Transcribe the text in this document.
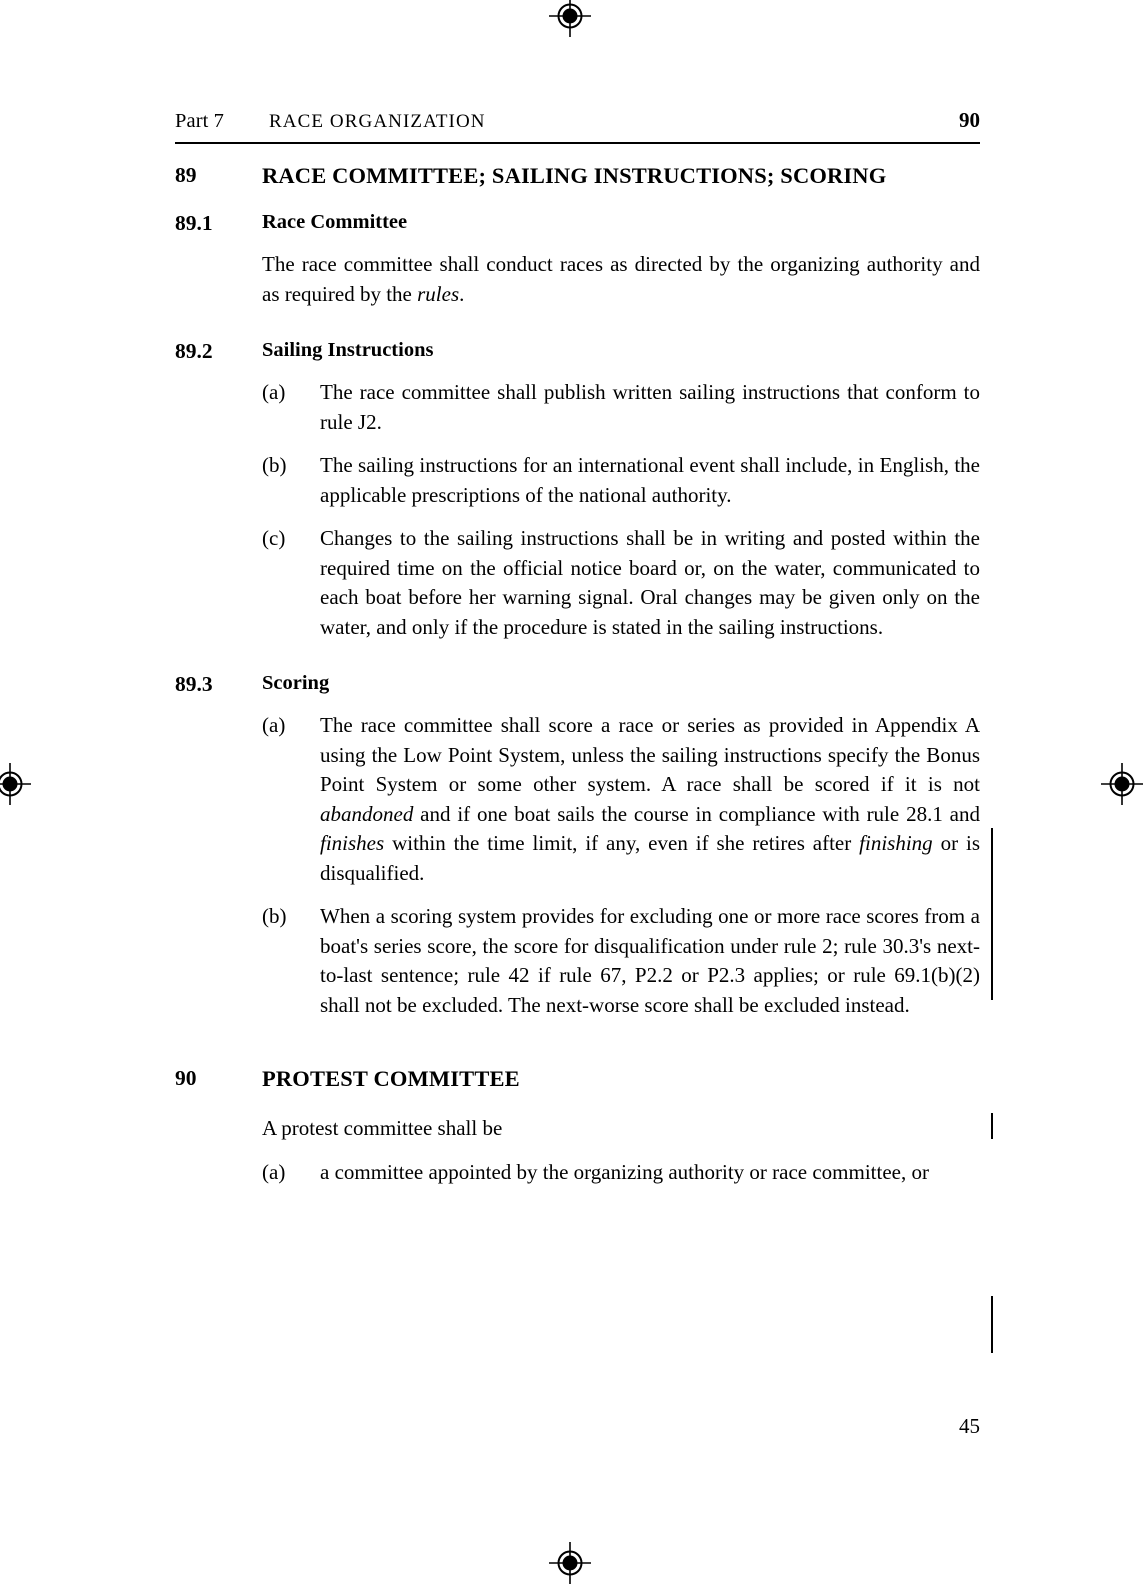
Part 7 RACE ORGANIZATION	90
89	RACE COMMITTEE; SAILING INSTRUCTIONS; SCORING
89.1	Race Committee
The race committee shall conduct races as directed by the organizing authority and as required by the rules.
89.2	Sailing Instructions
(a)	The race committee shall publish written sailing instructions that conform to rule J2.
(b)	The sailing instructions for an international event shall include, in English, the applicable prescriptions of the national authority.
(c)	Changes to the sailing instructions shall be in writing and posted within the required time on the official notice board or, on the water, communicated to each boat before her warning signal. Oral changes may be given only on the water, and only if the procedure is stated in the sailing instructions.
89.3	Scoring
(a)	The race committee shall score a race or series as provided in Appendix A using the Low Point System, unless the sailing instructions specify the Bonus Point System or some other system. A race shall be scored if it is not abandoned and if one boat sails the course in compliance with rule 28.1 and finishes within the time limit, if any, even if she retires after finishing or is disqualified.
(b)	When a scoring system provides for excluding one or more race scores from a boat's series score, the score for disqualification under rule 2; rule 30.3's next-to-last sentence; rule 42 if rule 67, P2.2 or P2.3 applies; or rule 69.1(b)(2) shall not be excluded. The next-worse score shall be excluded instead.
90	PROTEST COMMITTEE
A protest committee shall be
(a)	a committee appointed by the organizing authority or race committee, or
45
